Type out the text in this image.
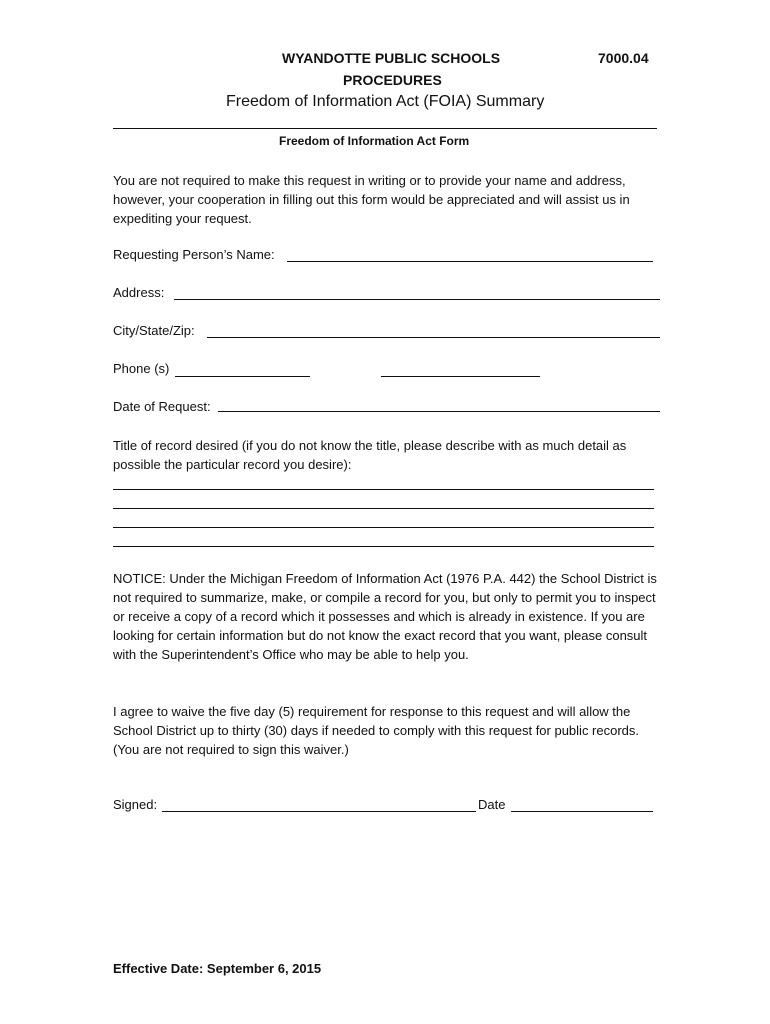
WYANDOTTE PUBLIC SCHOOLS	7000.04
PROCEDURES
Freedom of Information Act (FOIA) Summary
Freedom of Information Act Form
You are not required to make this request in writing or to provide your name and address, however, your cooperation in filling out this form would be appreciated and will assist us in expediting your request.
Requesting Person’s Name:
Address:
City/State/Zip:
Phone (s)
Date of Request:
Title of record desired (if you do not know the title, please describe with as much detail as possible the particular record you desire):
NOTICE: Under the Michigan Freedom of Information Act (1976 P.A. 442) the School District is not required to summarize, make, or compile a record for you, but only to permit you to inspect or receive a copy of a record which it possesses and which is already in existence. If you are looking for certain information but do not know the exact record that you want, please consult with the Superintendent’s Office who may be able to help you.
I agree to waive the five day (5) requirement for response to this request and will allow the School District up to thirty (30) days if needed to comply with this request for public records. (You are not required to sign this waiver.)
Signed:	Date
Effective Date: September 6, 2015
